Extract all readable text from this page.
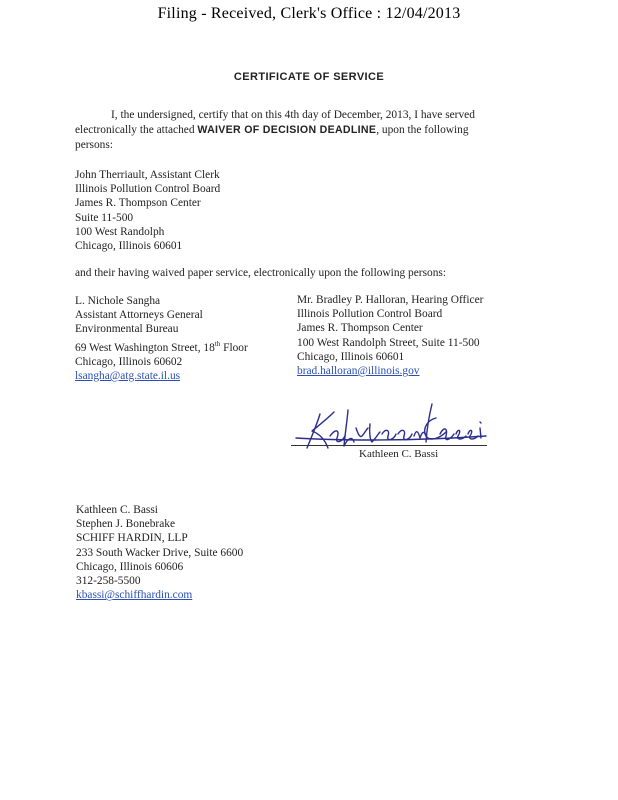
Filing - Received, Clerk's Office : 12/04/2013
CERTIFICATE OF SERVICE
I, the undersigned, certify that on this 4th day of December, 2013, I have served
electronically the attached WAIVER OF DECISION DEADLINE, upon the following
persons:
John Therriault, Assistant Clerk
Illinois Pollution Control Board
James R. Thompson Center
Suite 11-500
100 West Randolph
Chicago, Illinois 60601
and their having waived paper service, electronically upon the following persons:
L. Nichole Sangha
Assistant Attorneys General
Environmental Bureau
69 West Washington Street, 18th Floor
Chicago, Illinois 60602
lsangha@atg.state.il.us
Mr. Bradley P. Halloran, Hearing Officer
Illinois Pollution Control Board
James R. Thompson Center
100 West Randolph Street, Suite 11-500
Chicago, Illinois 60601
brad.halloran@illinois.gov
Kathleen C. Bassi
Kathleen C. Bassi
Stephen J. Bonebrake
SCHIFF HARDIN, LLP
233 South Wacker Drive, Suite 6600
Chicago, Illinois 60606
312-258-5500
kbassi@schiffhardin.com
